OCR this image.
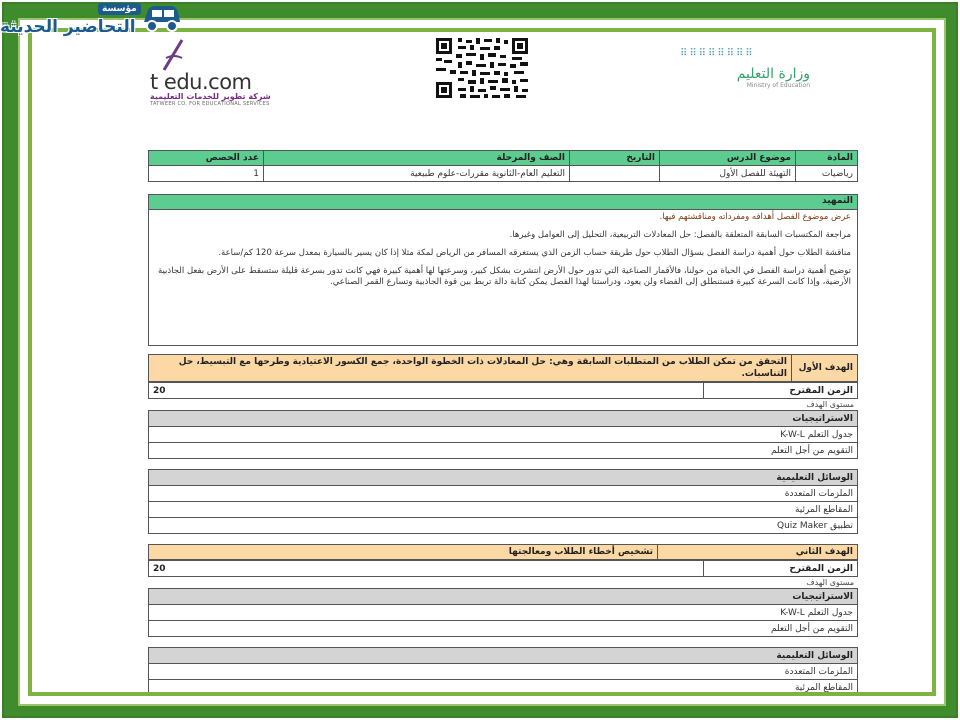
t edu.com
شركة تطوير للخدمات التعليمية
TATWEER CO. FOR EDUCATIONAL SERVICES
⠿⠿⠿⠿⠿⠿⠿⠿
وزارة التعليم
Ministry of Education
المادة	موضوع الدرس	التاريخ	الصف والمرحلة	عدد الحصص
رياضيات	التهيئة للفصل الأول		التعليم العام-الثانوية مقررات-علوم طبيعية	1
التمهيد

عرض موضوع الفصل أهدافه ومفرداته ومناقشتهم فيها.

مراجعة المكتسبات السابقة المتعلقة بالفصل: حل المعادلات التربيعية، التحليل إلى العوامل وغيرها.

مناقشة الطلاب حول أهمية دراسة الفصل بسؤال الطلاب حول طريقة حساب الزمن الذي يستغرقه المسافر من الرياض لمكة مثلا إذا كان يسير بالسيارة بمعدل سرعة 120 كم/ساعة.

توضيح أهمية دراسة الفصل في الحياة من حولنا، فالأقمار الصناعية التي تدور حول الأرض انتشرت بشكل كبير، وسرعتها لها أهمية كبيرة فهي كانت تدور بسرعة قليلة ستسقط على الأرض بفعل الجاذبية الأرضية، وإذا كانت السرعة كبيرة فستنطلق إلى الفضاء ولن يعود، ودراستنا لهذا الفصل يمكن كتابة دالة تربط بين قوة الجاذبية وتسارع القمر الصناعي.

الهدف الأول	التحقق من تمكن الطلاب من المتطلبات السابقة وهي: حل المعادلات ذات الخطوة الواحدة، جمع الكسور الاعتيادية وطرحها مع التبسيط، حل التناسبات.
الزمن المقترح	20
مستوى الهدف
الاستراتيجيات
جدول التعلم K-W-L
التقويم من أجل التعلم
الوسائل التعليمية
الملزمات المتعددة
المقاطع المرئية
تطبيق Quiz Maker
الهدف الثاني	تشخيص أخطاء الطلاب ومعالجتها
الزمن المقترح	20
مستوى الهدف
الاستراتيجيات
جدول التعلم K-W-L
التقويم من أجل التعلم
الوسائل التعليمية
الملزمات المتعددة
المقاطع المرئية
مؤسسة
التحاضير الحديثة
